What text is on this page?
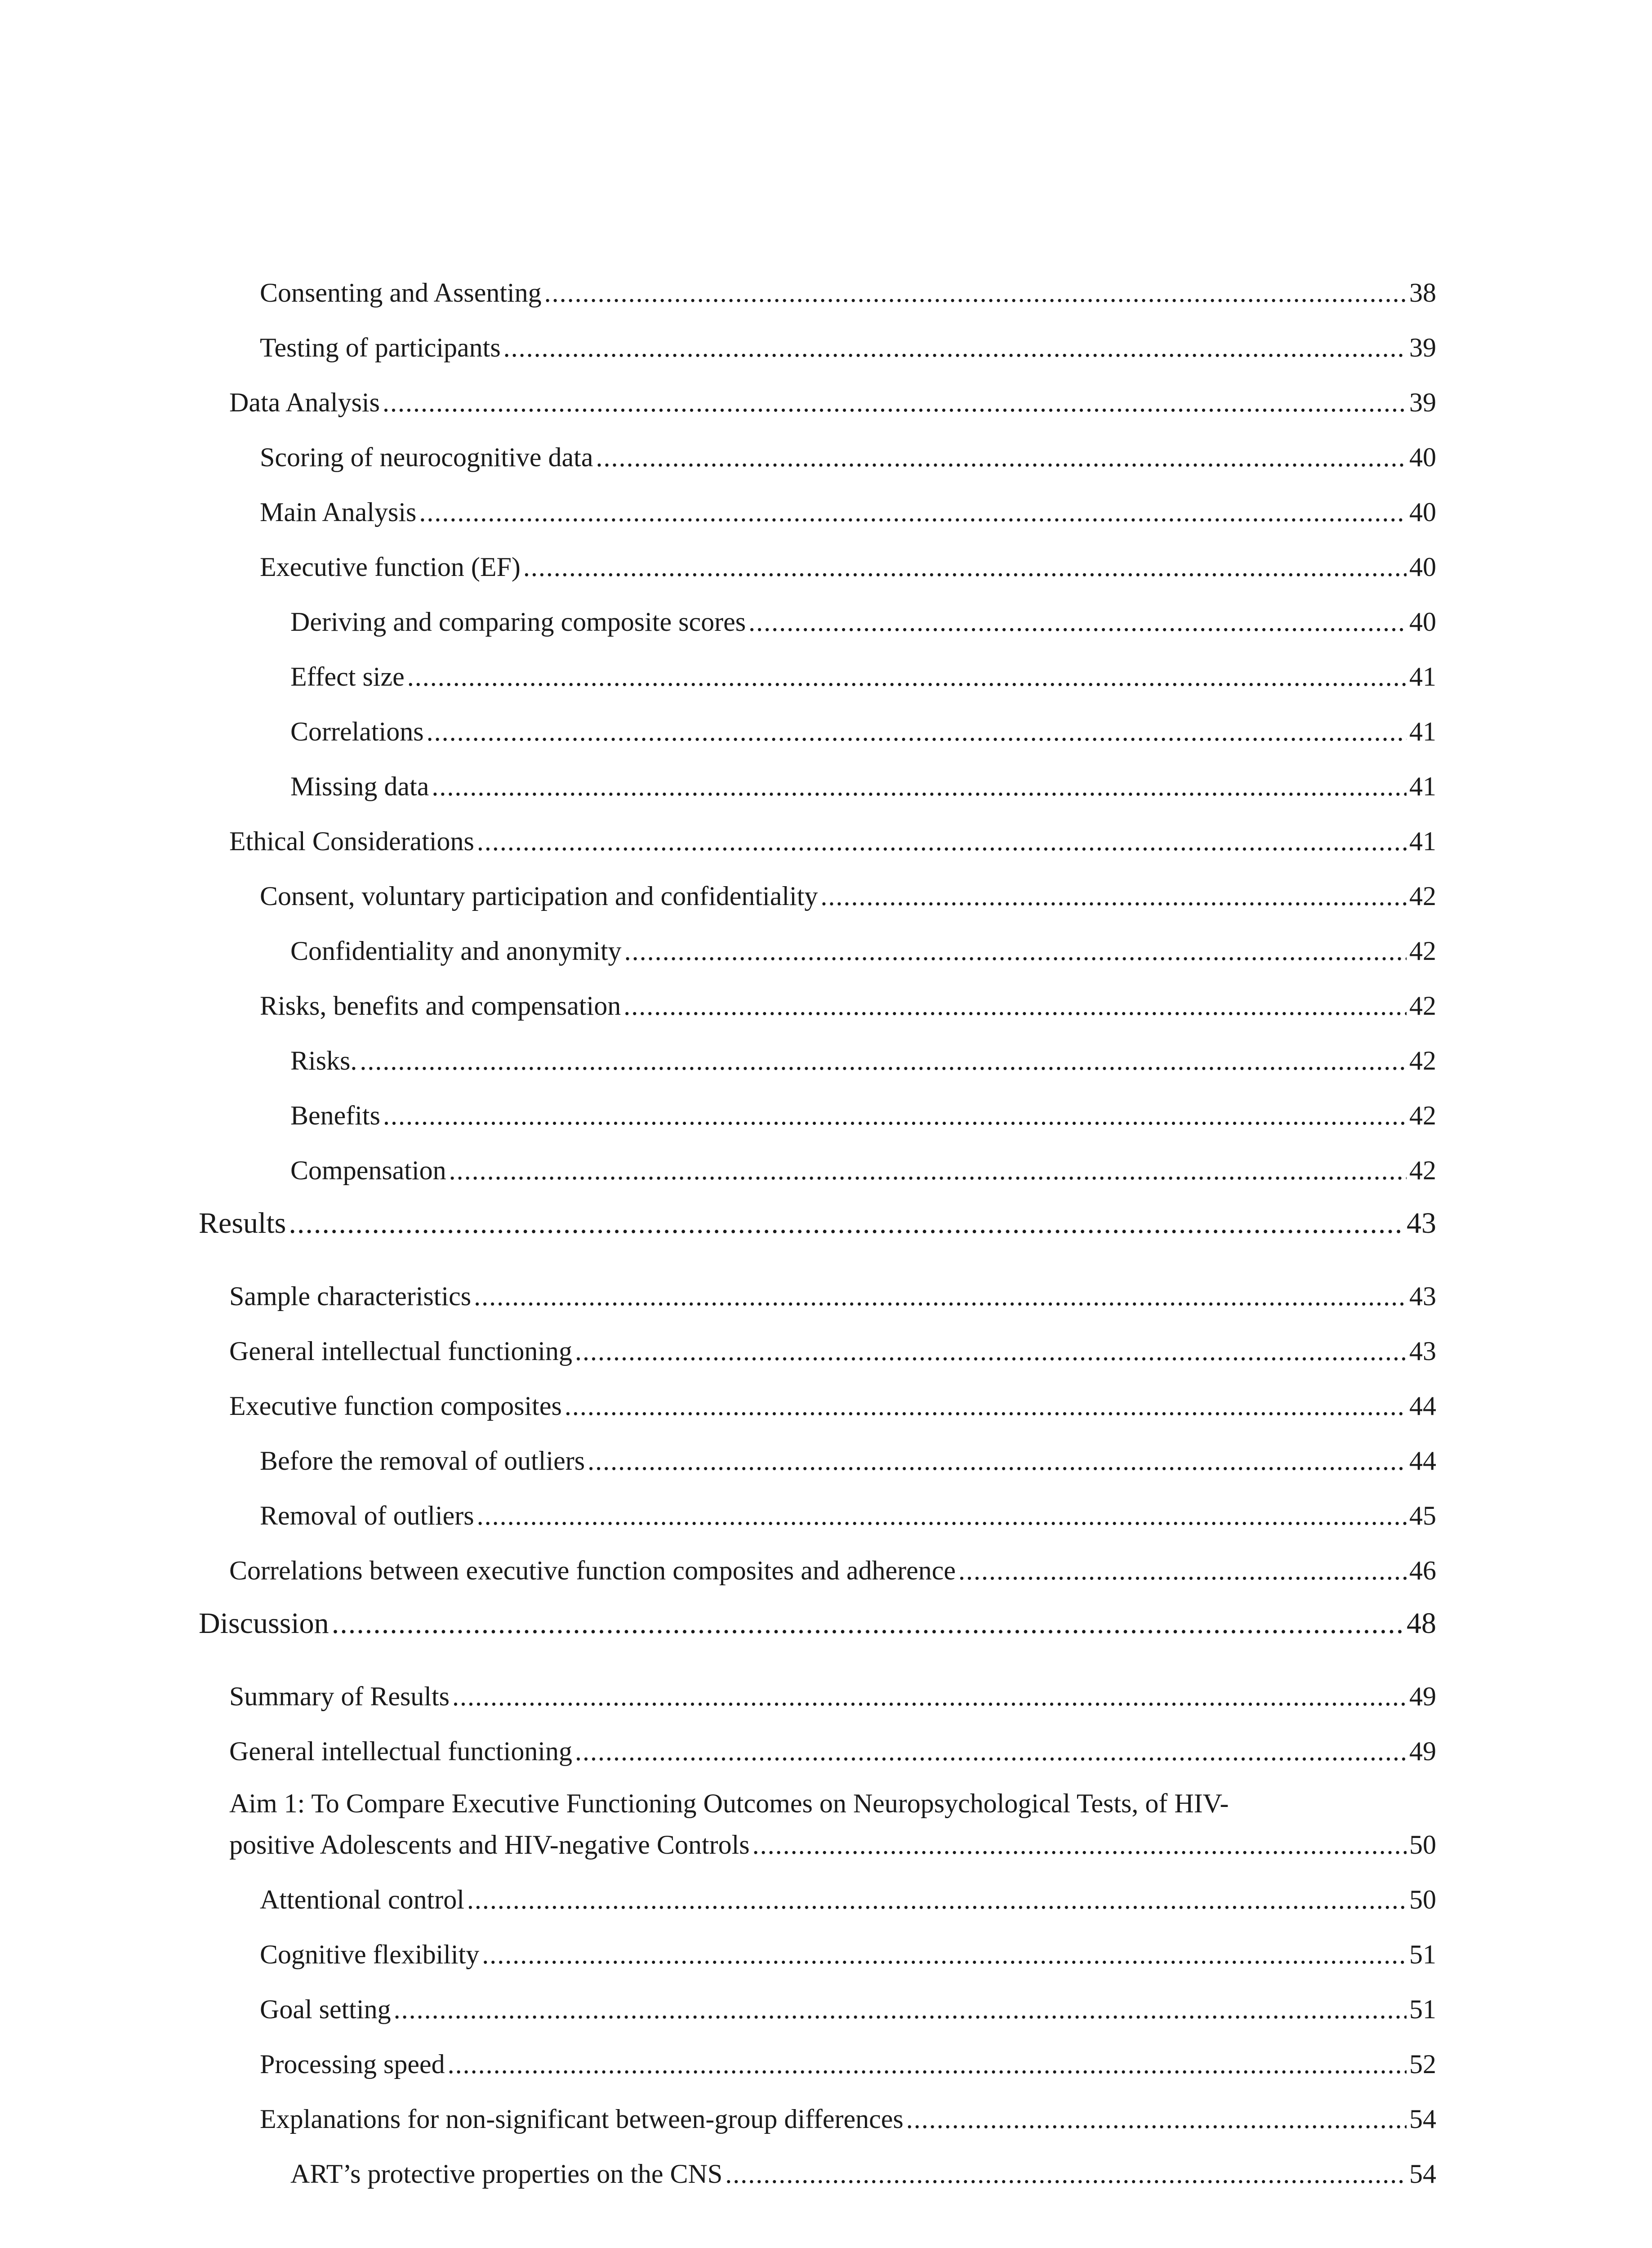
Consenting and Assenting .....	38
Testing of participants .....	39
Data Analysis .....	39
Scoring of neurocognitive data .....	40
Main Analysis .....	40
Executive function (EF) .....	40
Deriving and comparing composite scores .....	40
Effect size .....	41
Correlations .....	41
Missing data .....	41
Ethical Considerations .....	41
Consent, voluntary participation and confidentiality .....	42
Confidentiality and anonymity .....	42
Risks, benefits and compensation .....	42
Risks. .....	42
Benefits .....	42
Compensation .....	42
Results .....	43
Sample characteristics .....	43
General intellectual functioning .....	43
Executive function composites .....	44
Before the removal of outliers .....	44
Removal of outliers .....	45
Correlations between executive function composites and adherence .....	46
Discussion .....	48
Summary of Results .....	49
General intellectual functioning .....	49
Aim 1: To Compare Executive Functioning Outcomes on Neuropsychological Tests, of HIV-
positive Adolescents and HIV-negative Controls .....	50
Attentional control .....	50
Cognitive flexibility .....	51
Goal setting .....	51
Processing speed .....	52
Explanations for non-significant between-group differences .....	54
ART’s protective properties on the CNS .....	54
